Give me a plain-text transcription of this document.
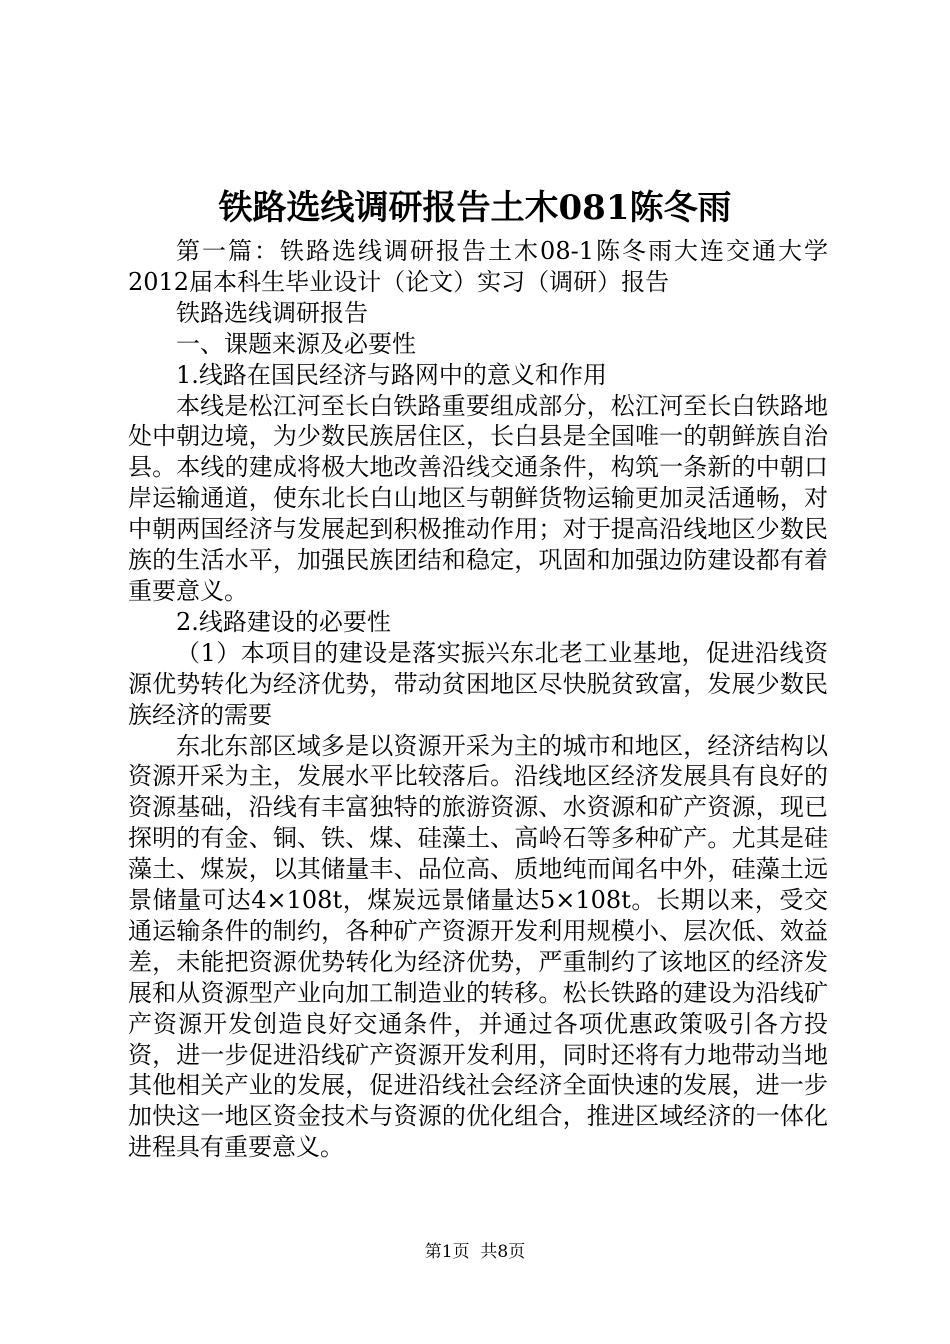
铁路选线调研报告土木081陈冬雨

第一篇：铁路选线调研报告土木08-1陈冬雨大连交通大学2012届本科生毕业设计（论文）实习（调研）报告

铁路选线调研报告

一、课题来源及必要性

1.线路在国民经济与路网中的意义和作用

本线是松江河至长白铁路重要组成部分，松江河至长白铁路地处中朝边境，为少数民族居住区，长白县是全国唯一的朝鲜族自治县。本线的建成将极大地改善沿线交通条件，构筑一条新的中朝口岸运输通道，使东北长白山地区与朝鲜货物运输更加灵活通畅，对中朝两国经济与发展起到积极推动作用；对于提高沿线地区少数民族的生活水平，加强民族团结和稳定，巩固和加强边防建设都有着重要意义。

2.线路建设的必要性

（1）本项目的建设是落实振兴东北老工业基地，促进沿线资源优势转化为经济优势，带动贫困地区尽快脱贫致富，发展少数民族经济的需要

东北东部区域多是以资源开采为主的城市和地区，经济结构以资源开采为主，发展水平比较落后。沿线地区经济发展具有良好的资源基础，沿线有丰富独特的旅游资源、水资源和矿产资源，现已探明的有金、铜、铁、煤、硅藻土、高岭石等多种矿产。尤其是硅藻土、煤炭，以其储量丰、品位高、质地纯而闻名中外，硅藻土远景储量可达4×108t，煤炭远景储量达5×108t。长期以来，受交通运输条件的制约，各种矿产资源开发利用规模小、层次低、效益差，未能把资源优势转化为经济优势，严重制约了该地区的经济发展和从资源型产业向加工制造业的转移。松长铁路的建设为沿线矿产资源开发创造良好交通条件，并通过各项优惠政策吸引各方投资，进一步促进沿线矿产资源开发利用，同时还将有力地带动当地其他相关产业的发展，促进沿线社会经济全面快速的发展，进一步加快这一地区资金技术与资源的优化组合，推进区域经济的一体化进程具有重要意义。

第1页  共8页
